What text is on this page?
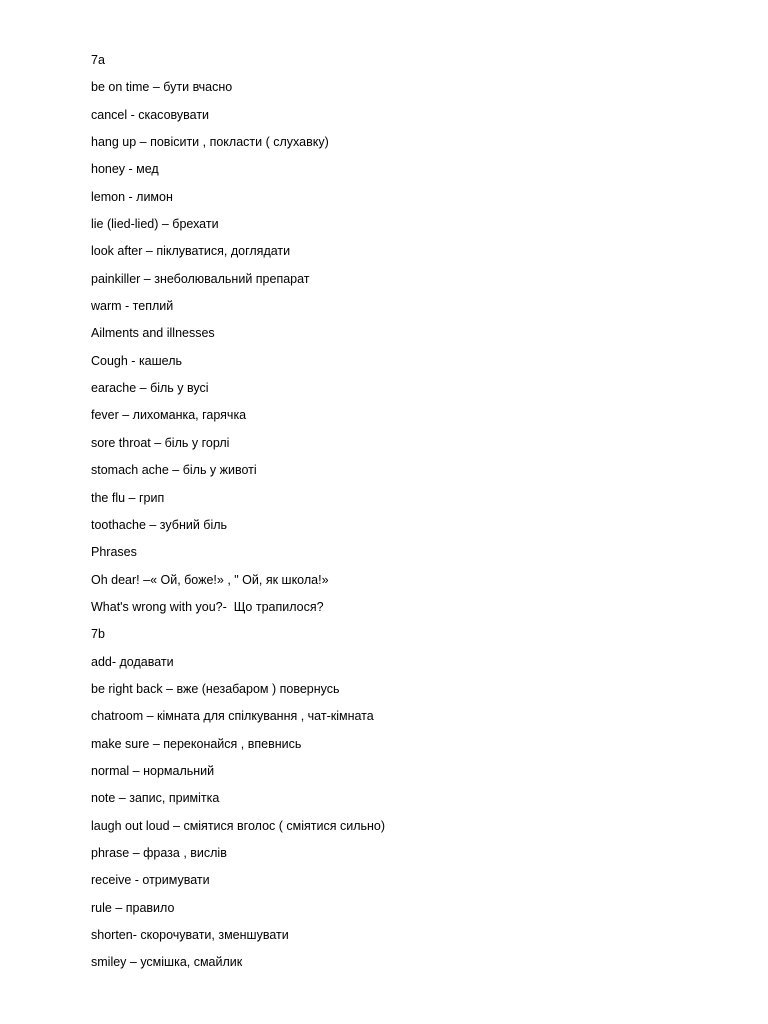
7a
be on time – бути вчасно
cancel - скасовувати
hang up – повісити , покласти ( слухавку)
honey - мед
lemon - лимон
lie (lied-lied) – брехати
look after – піклуватися, доглядати
painkiller – знеболювальний препарат
warm - теплий
Ailments and illnesses
Cough - кашель
earache – біль у вусі
fever – лихоманка, гарячка
sore throat – біль у горлі
stomach ache – біль у животі
the flu – грип
toothache – зубний біль
Phrases
Oh dear! –« Ой, боже!» , " Ой, як школа!»
What's wrong with you?-  Що трапилося?
7b
add- додавати
be right back – вже (незабаром ) повернусь
chatroom – кімната для спілкування , чат-кімната
make sure – переконайся , впевнись
normal – нормальний
note – запис, примітка
laugh out loud – сміятися вголос ( сміятися сильно)
phrase – фраза , вислів
receive - отримувати
rule – правило
shorten- скорочувати, зменшувати
smiley – усмішка, смайлик
